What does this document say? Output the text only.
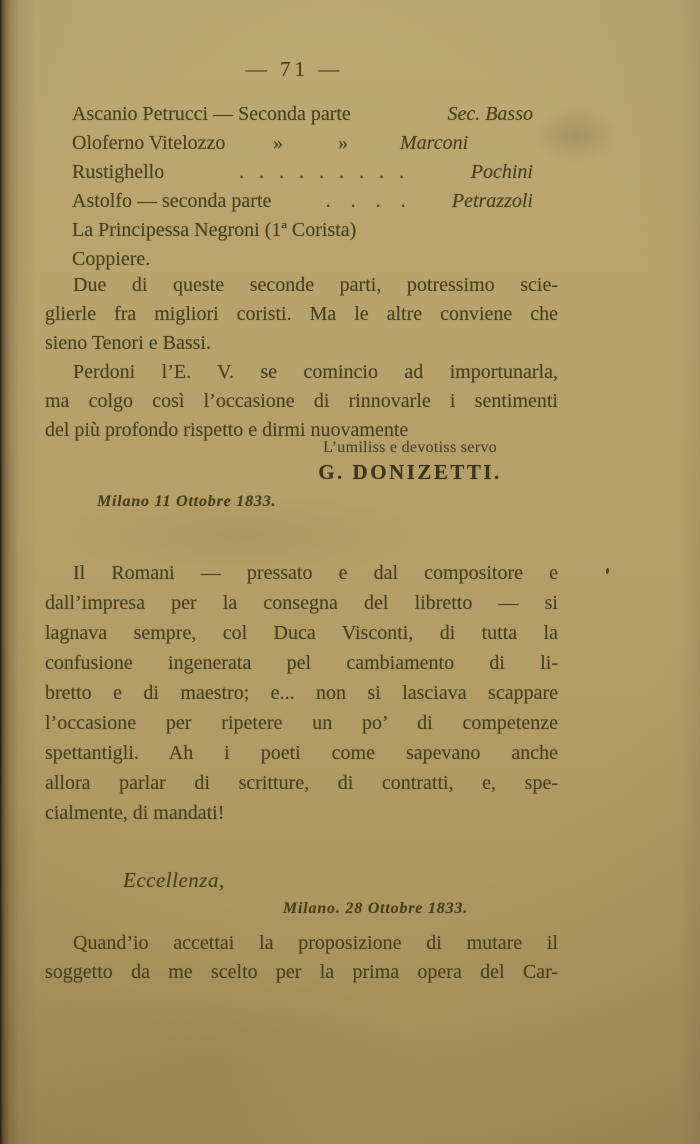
— 71 —
Ascanio Petrucci — Seconda parte	Sec. Basso
Oloferno Vitelozzo »	»	Marconi
Rustighello	. . . . . . . . .	Pochini
Astolfo — seconda parte	. . . .	Petrazzoli
La Principessa Negroni (1ª Corista)
Coppiere.
Due di queste seconde parti, potressimo scie-
glierle fra migliori coristi. Ma le altre conviene che
sieno Tenori e Bassi.
Perdoni l’E. V. se comincio ad importunarla,
ma colgo così l’occasione di rinnovarle i sentimenti
del più profondo rispetto e dirmi nuovamente
L’umiliss e devotiss servo
G. DONIZETTI.
Milano 11 Ottobre 1833.
Il Romani — pressato e dal compositore e
dall’impresa per la consegna del libretto — si
lagnava sempre, col Duca Visconti, di tutta la
confusione ingenerata pel cambiamento di li-
bretto e di maestro; e... non si lasciava scappare
l’occasione per ripetere un po’ di competenze
spettantigli. Ah i poeti come sapevano anche
allora parlar di scritture, di contratti, e, spe-
cialmente, di mandati!
Eccellenza,
Milano. 28 Ottobre 1833.
Quand’io accettai la proposizione di mutare il
soggetto da me scelto per la prima opera del Car-
